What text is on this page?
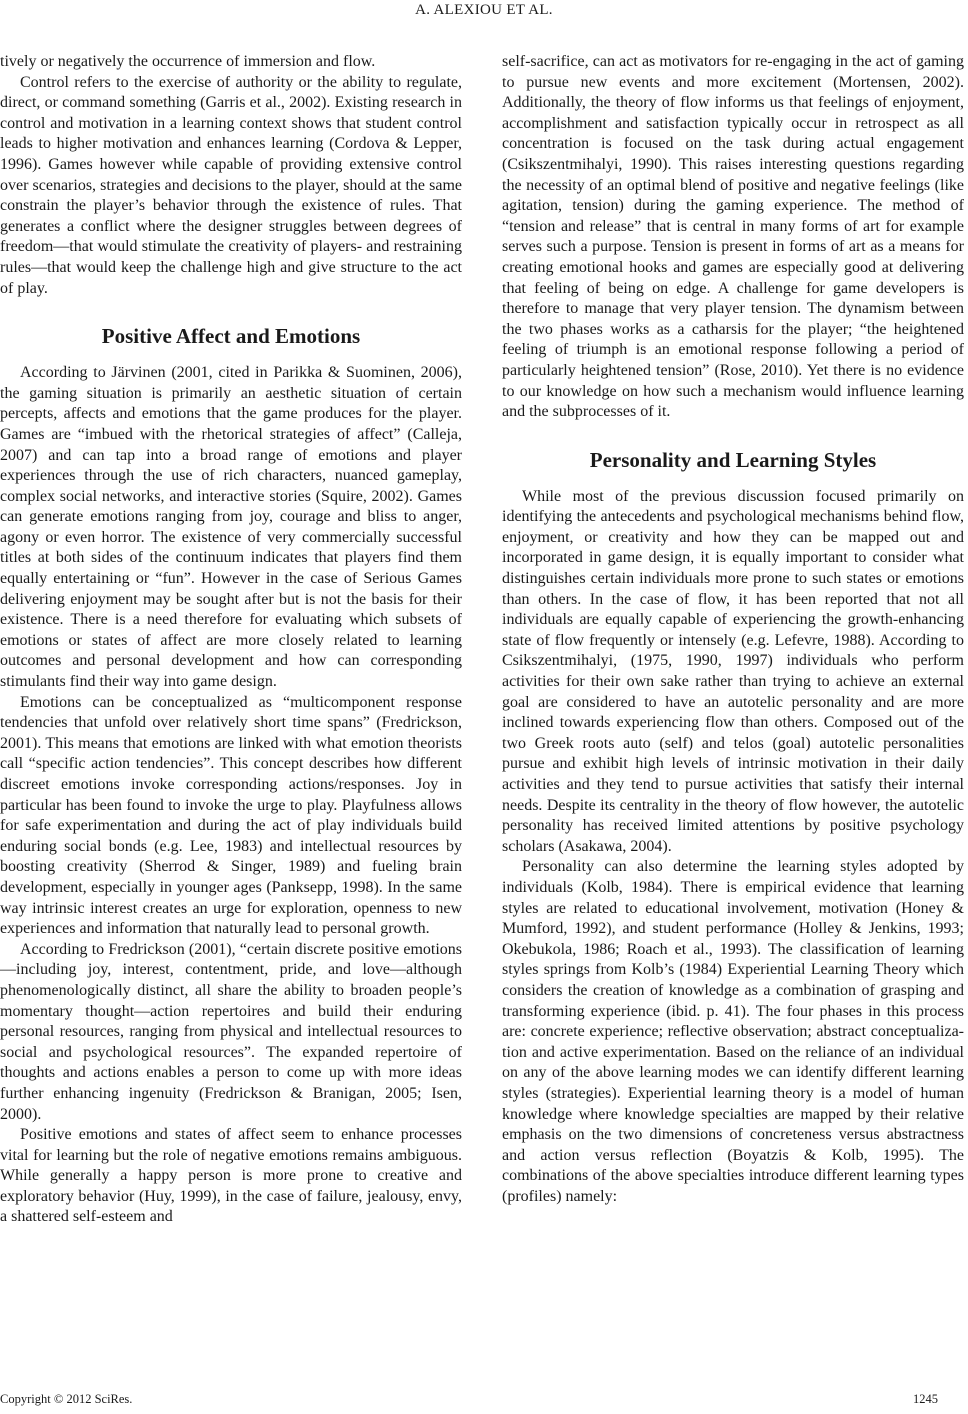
A. ALEXIOU ET AL.

tively or negatively the occurrence of immersion and flow.

Control refers to the exercise of authority or the ability to regulate, direct, or command something (Garris et al., 2002). Existing research in control and motivation in a learning context shows that student control leads to higher motivation and enhances learning (Cordova & Lepper, 1996). Games however while capable of providing extensive control over scenarios, strategies and decisions to the player, should at the same constrain the player’s behavior through the existence of rules. That generates a conflict where the designer struggles between degrees of freedom—that would stimulate the creativity of players- and restraining rules—that would keep the challenge high and give structure to the act of play.

Positive Affect and Emotions

According to Järvinen (2001, cited in Parikka & Suominen, 2006), the gaming situation is primarily an aesthetic situation of certain percepts, affects and emotions that the game produces for the player. Games are “imbued with the rhetorical strategies of affect” (Calleja, 2007) and can tap into a broad range of emotions and player experiences through the use of rich characters, nuanced gameplay, complex social networks, and interactive stories (Squire, 2002). Games can generate emotions ranging from joy, courage and bliss to anger, agony or even horror. The existence of very commercially successful titles at both sides of the continuum indicates that players find them equally entertaining or “fun”. However in the case of Serious Games delivering enjoyment may be sought after but is not the basis for their existence. There is a need therefore for evaluating which subsets of emotions or states of affect are more closely related to learning outcomes and personal development and how can corresponding stimulants find their way into game design.

Emotions can be conceptualized as “multicomponent response tendencies that unfold over relatively short time spans” (Fredrickson, 2001). This means that emotions are linked with what emotion theorists call “specific action tendencies”. This concept describes how different discreet emotions invoke corresponding actions/responses. Joy in particular has been found to invoke the urge to play. Playfulness allows for safe experimentation and during the act of play individuals build enduring social bonds (e.g. Lee, 1983) and intellectual resources by boosting creativity (Sherrod & Singer, 1989) and fueling brain development, especially in younger ages (Panksepp, 1998). In the same way intrinsic interest creates an urge for exploration, openness to new experiences and information that naturally lead to personal growth.

According to Fredrickson (2001), “certain discrete positive emotions—including joy, interest, contentment, pride, and love—although phenomenologically distinct, all share the ability to broaden people’s momentary thought—action repertoires and build their enduring personal resources, ranging from physical and intellectual resources to social and psychological resources”. The expanded repertoire of thoughts and actions enables a person to come up with more ideas further enhancing ingenuity (Fredrickson & Branigan, 2005; Isen, 2000).

Positive emotions and states of affect seem to enhance processes vital for learning but the role of negative emotions remains ambiguous. While generally a happy person is more prone to creative and exploratory behavior (Huy, 1999), in the case of failure, jealousy, envy, a shattered self-esteem and

self-sacrifice, can act as motivators for re-engaging in the act of gaming to pursue new events and more excitement (Mortensen, 2002). Additionally, the theory of flow informs us that feelings of enjoyment, accomplishment and satisfaction typically occur in retrospect as all concentration is focused on the task during actual engagement (Csikszentmihalyi, 1990). This raises interesting questions regarding the necessity of an optimal blend of positive and negative feelings (like agitation, tension) during the gaming experience. The method of “tension and release” that is central in many forms of art for example serves such a purpose. Tension is present in forms of art as a means for creating emotional hooks and games are especially good at delivering that feeling of being on edge. A challenge for game developers is therefore to manage that very player tension. The dynamism between the two phases works as a catharsis for the player; “the heightened feeling of triumph is an emotional response following a period of particularly heightened tension” (Rose, 2010). Yet there is no evidence to our knowledge on how such a mechanism would influence learning and the subprocesses of it.

Personality and Learning Styles

While most of the previous discussion focused primarily on identifying the antecedents and psychological mechanisms behind flow, enjoyment, or creativity and how they can be mapped out and incorporated in game design, it is equally important to consider what distinguishes certain individuals more prone to such states or emotions than others. In the case of flow, it has been reported that not all individuals are equally capable of experiencing the growth-enhancing state of flow frequently or intensely (e.g. Lefevre, 1988). According to Csikszentmihalyi, (1975, 1990, 1997) individuals who perform activities for their own sake rather than trying to achieve an external goal are considered to have an autotelic personality and are more inclined towards experiencing flow than others. Composed out of the two Greek roots auto (self) and telos (goal) autotelic personalities pursue and exhibit high levels of intrinsic motivation in their daily activities and they tend to pursue activities that satisfy their internal needs. Despite its centrality in the theory of flow however, the autotelic personality has received limited attentions by positive psychology scholars (Asakawa, 2004).

Personality can also determine the learning styles adopted by individuals (Kolb, 1984). There is empirical evidence that learning styles are related to educational involvement, motivation (Honey & Mumford, 1992), and student performance (Holley & Jenkins, 1993; Okebukola, 1986; Roach et al., 1993). The classification of learning styles springs from Kolb’s (1984) Experiential Learning Theory which considers the creation of knowledge as a combination of grasping and transforming experience (ibid. p. 41). The four phases in this process are: concrete experience; reflective observation; abstract conceptualization and active experimentation. Based on the reliance of an individual on any of the above learning modes we can identify different learning styles (strategies). Experiential learning theory is a model of human knowledge where knowledge specialties are mapped by their relative emphasis on the two dimensions of concreteness versus abstractness and action versus reflection (Boyatzis & Kolb, 1995). The combinations of the above specialties introduce different learning types (profiles) namely:

Copyright © 2012 SciRes.	1245
